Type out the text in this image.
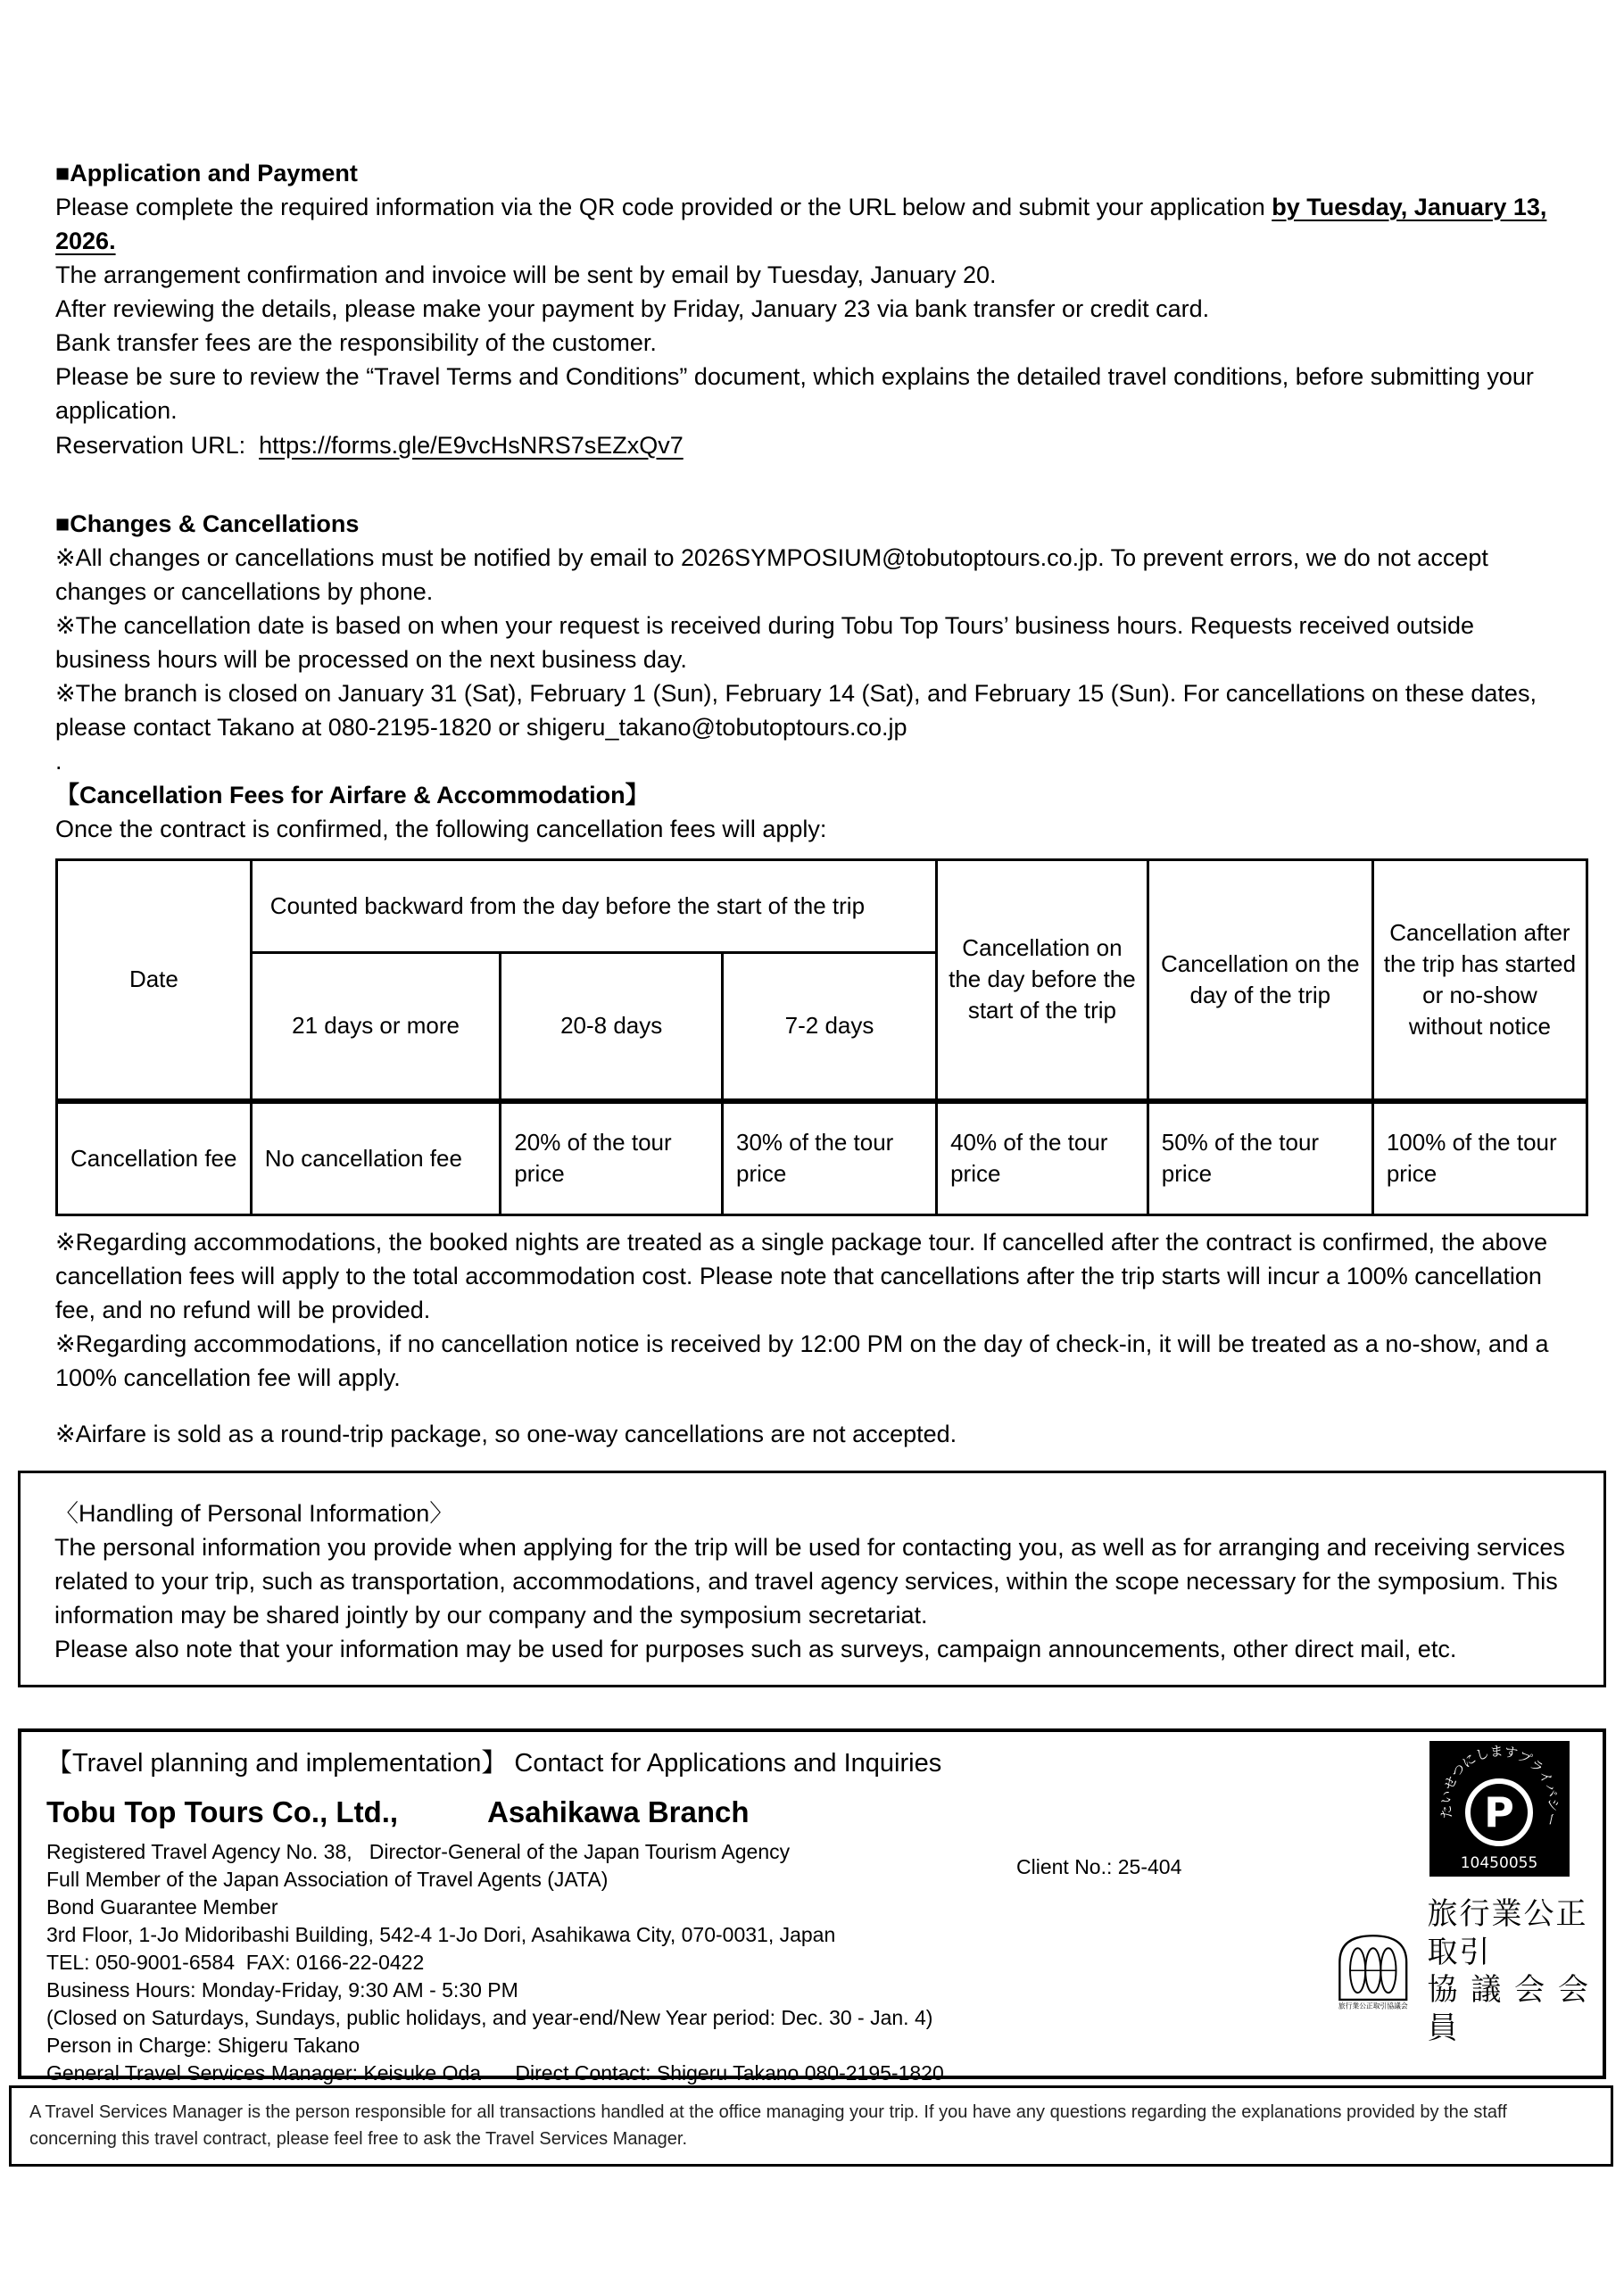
■Application and Payment
Please complete the required information via the QR code provided or the URL below and submit your application by Tuesday, January 13, 2026.
The arrangement confirmation and invoice will be sent by email by Tuesday, January 20.
After reviewing the details, please make your payment by Friday, January 23 via bank transfer or credit card.
Bank transfer fees are the responsibility of the customer.
Please be sure to review the “Travel Terms and Conditions” document, which explains the detailed travel conditions, before submitting your application.
Reservation URL:  https://forms.gle/E9vcHsNRS7sEZxQv7
■Changes & Cancellations
※All changes or cancellations must be notified by email to 2026SYMPOSIUM@tobutoptours.co.jp. To prevent errors, we do not accept changes or cancellations by phone.
※The cancellation date is based on when your request is received during Tobu Top Tours’ business hours. Requests received outside business hours will be processed on the next business day.
※The branch is closed on January 31 (Sat), February 1 (Sun), February 14 (Sat), and February 15 (Sun). For cancellations on these dates, please contact Takano at 080-2195-1820 or shigeru_takano@tobutoptours.co.jp
.
【Cancellation Fees for Airfare & Accommodation】
Once the contract is confirmed, the following cancellation fees will apply:
Date	Counted backward from the day before the start of the trip			Cancellation on the day before the start of the trip	Cancellation on the day of the trip	Cancellation after the trip has started or no-show without notice
	21 days or more	20-8 days	7-2 days			
Cancellation fee	No cancellation fee	20% of the tour price	30% of the tour price	40% of the tour price	50% of the tour price	100% of the tour price
※Regarding accommodations, the booked nights are treated as a single package tour. If cancelled after the contract is confirmed, the above cancellation fees will apply to the total accommodation cost. Please note that cancellations after the trip starts will incur a 100% cancellation fee, and no refund will be provided.
※Regarding accommodations, if no cancellation notice is received by 12:00 PM on the day of check-in, it will be treated as a no-show, and a 100% cancellation fee will apply.
※Airfare is sold as a round-trip package, so one-way cancellations are not accepted.
〈Handling of Personal Information〉
The personal information you provide when applying for the trip will be used for contacting you, as well as for arranging and receiving services related to your trip, such as transportation, accommodations, and travel agency services, within the scope necessary for the symposium. This information may be shared jointly by our company and the symposium secretariat.
Please also note that your information may be used for purposes such as surveys, campaign announcements, other direct mail, etc.
【Travel planning and implementation】 Contact for Applications and Inquiries
Tobu Top Tours Co., Ltd.,	Asahikawa Branch
Registered Travel Agency No. 38,   Director-General of the Japan Tourism Agency
Full Member of the Japan Association of Travel Agents (JATA)
Bond Guarantee Member
3rd Floor, 1-Jo Midoribashi Building, 542-4 1-Jo Dori, Asahikawa City, 070-0031, Japan
TEL: 050-9001-6584  FAX: 0166-22-0422
Business Hours: Monday-Friday, 9:30 AM - 5:30 PM
(Closed on Saturdays, Sundays, public holidays, and year-end/New Year period: Dec. 30 - Jan. 4)
Person in Charge: Shigeru Takano
General Travel Services Manager: Keisuke Oda      Direct Contact: Shigeru Takano 080-2195-1820
Client No.: 25-404
たいせつにしますプライバシー
P
10450055
旅行業公正取引協議会
旅行業公正取引
協 議 会 会 員
A Travel Services Manager is the person responsible for all transactions handled at the office managing your trip. If you have any questions regarding the explanations provided by the staff concerning this travel contract, please feel free to ask the Travel Services Manager.
